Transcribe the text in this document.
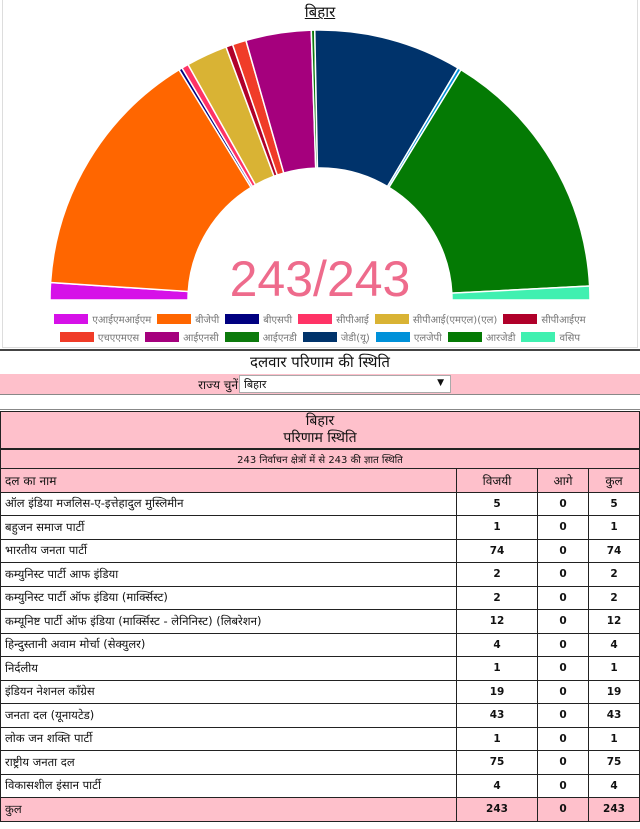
बिहार
243/243
एआईएमआईएम	बीजेपी	बीएसपी	सीपीआई	सीपीआई(एमएल)(एल)	सीपीआईएम
एचएएमएस	आईएनसी	आईएनडी	जेडी(यू)	एलजेपी	आरजेडी	वसिप
दलवार परिणाम की स्थिति
राज्य चुनें बिहार	▼
बिहार
परिणाम स्थिति			
243 निर्वाचन क्षेत्रों में से 243 की ज्ञात स्थिति			
दल का नाम	विजयी	आगे	कुल
ऑल इंडिया मजलिस-ए-इत्तेहादुल मुस्लिमीन	5	0	5
बहुजन समाज पार्टी	1	0	1
भारतीय जनता पार्टी	74	0	74
कम्युनिस्ट पार्टी आफ इंडिया	2	0	2
कम्युनिस्ट पार्टी ऑफ इंडिया (मार्क्सिस्ट)	2	0	2
कम्यूनिष्ट पार्टी ऑफ इंडिया (मार्क्सिस्ट - लेनिनिस्ट) (लिबरेशन)	12	0	12
हिन्दुस्तानी अवाम मोर्चा (सेक्युलर)	4	0	4
निर्दलीय	1	0	1
इंडियन नेशनल काँग्रेस	19	0	19
जनता दल (यूनायटेड)	43	0	43
लोक जन शक्ति पार्टी	1	0	1
राष्ट्रीय जनता दल	75	0	75
विकासशील इंसान पार्टी	4	0	4
कुल	243	0	243
